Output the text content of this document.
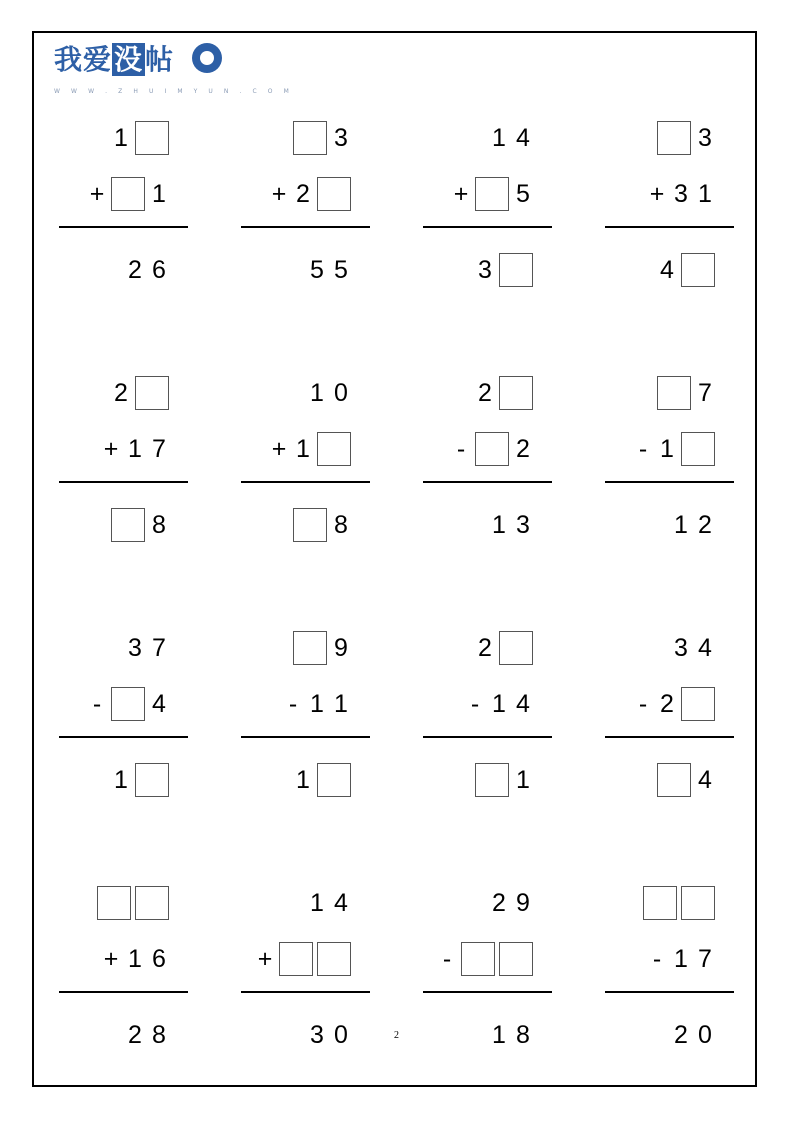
我爱没帖
W W W . Z H U I M Y U N . C O M
1
+ 1
2 6
3
+ 2
5 5
1 4
+ 5
3
3
+ 3 1
4
2
+ 1 7
8
1 0
+ 1
8
2
-	2
1 3
7
- 1
1 2
3 7
-	4
1
9
- 1 1
1
2
- 1 4
1
3 4
- 2
4
+ 1 6
2 8
1 4
+
3 0
2 9
-
1 8
- 1 7
2 0
2
